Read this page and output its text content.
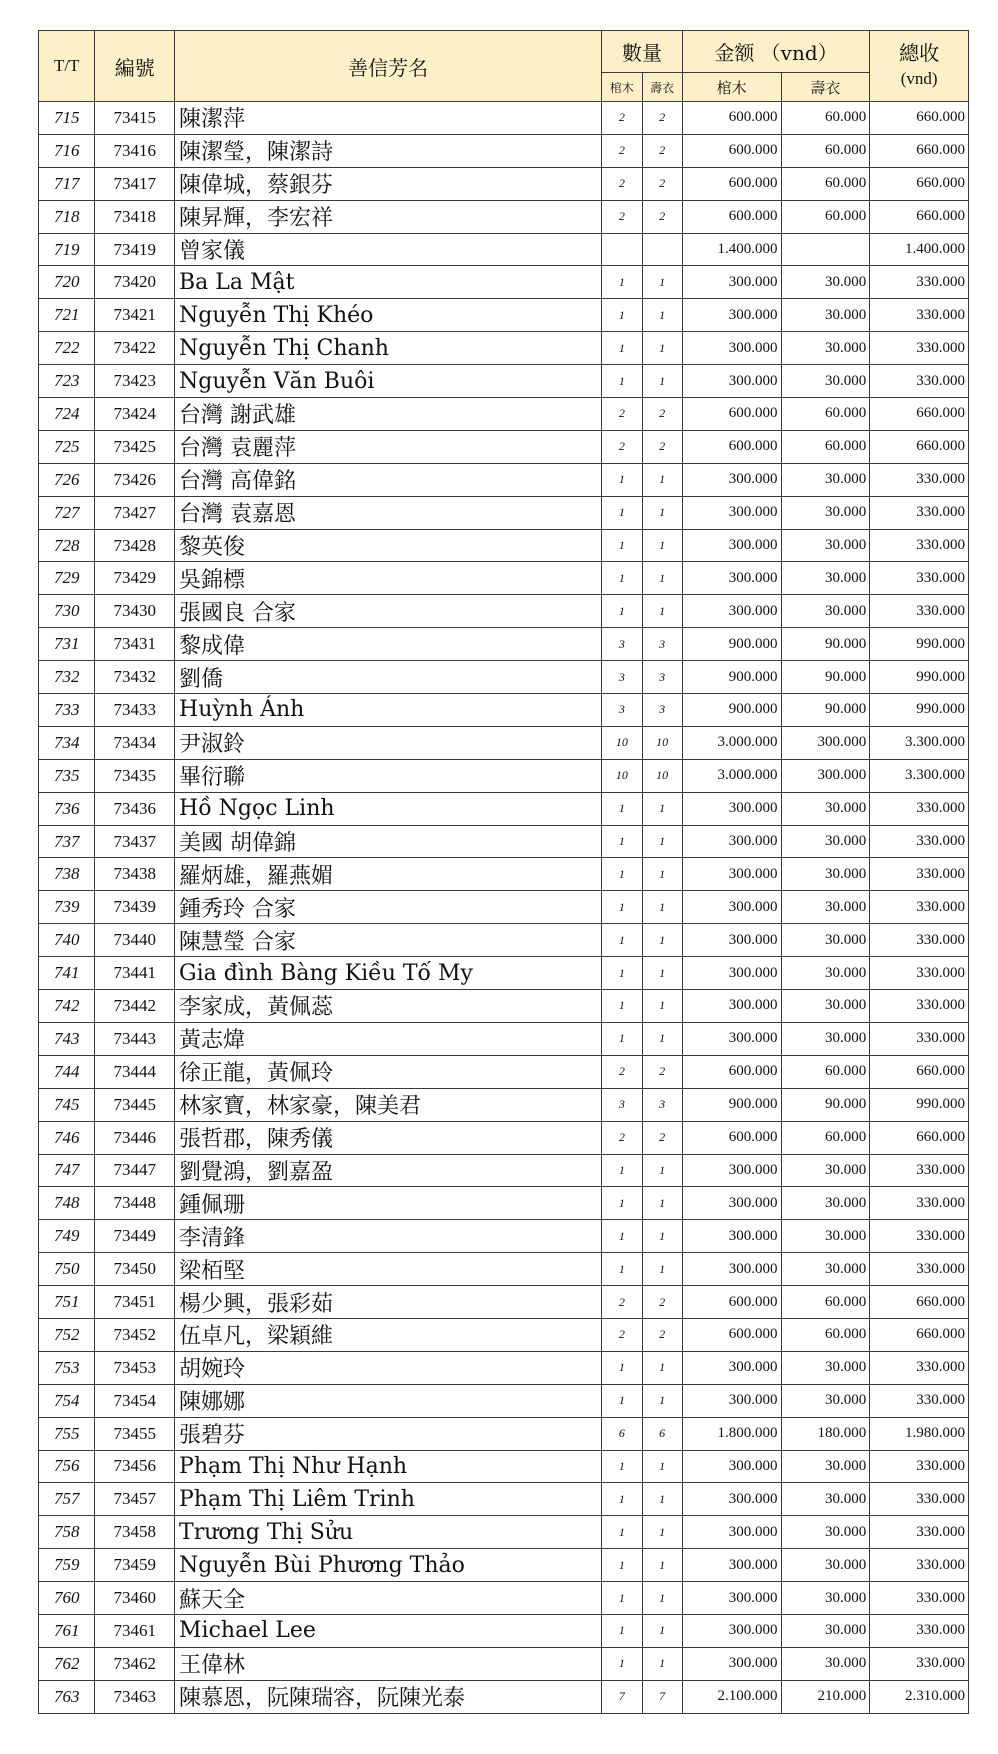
T/T	編號	善信芳名	數量		金额 （vnd）		總收
(vnd)

			棺木	壽衣	棺木	壽衣	
715	73415	陳潔萍	2	2	600.000	60.000	660.000
716	73416	陳潔瑩，陳潔詩	2	2	600.000	60.000	660.000
717	73417	陳偉城，蔡銀芬	2	2	600.000	60.000	660.000
718	73418	陳昇輝，李宏祥	2	2	600.000	60.000	660.000
719	73419	曾家儀			1.400.000		1.400.000
720	73420	Ba La Mật	1	1	300.000	30.000	330.000
721	73421	Nguyễn Thị Khéo	1	1	300.000	30.000	330.000
722	73422	Nguyễn Thị Chanh	1	1	300.000	30.000	330.000
723	73423	Nguyễn Văn Buôi	1	1	300.000	30.000	330.000
724	73424	台灣 謝武雄	2	2	600.000	60.000	660.000
725	73425	台灣 袁麗萍	2	2	600.000	60.000	660.000
726	73426	台灣 高偉銘	1	1	300.000	30.000	330.000
727	73427	台灣 袁嘉恩	1	1	300.000	30.000	330.000
728	73428	黎英俊	1	1	300.000	30.000	330.000
729	73429	吳錦標	1	1	300.000	30.000	330.000
730	73430	張國良 合家	1	1	300.000	30.000	330.000
731	73431	黎成偉	3	3	900.000	90.000	990.000
732	73432	劉僑	3	3	900.000	90.000	990.000
733	73433	Huỳnh Ánh	3	3	900.000	90.000	990.000
734	73434	尹淑鈴	10	10	3.000.000	300.000	3.300.000
735	73435	畢衍聯	10	10	3.000.000	300.000	3.300.000
736	73436	Hồ Ngọc Linh	1	1	300.000	30.000	330.000
737	73437	美國 胡偉錦	1	1	300.000	30.000	330.000
738	73438	羅炳雄，羅燕媚	1	1	300.000	30.000	330.000
739	73439	鍾秀玲 合家	1	1	300.000	30.000	330.000
740	73440	陳慧瑩 合家	1	1	300.000	30.000	330.000
741	73441	Gia đình Bàng Kiều Tố My	1	1	300.000	30.000	330.000
742	73442	李家成，黃佩蕊	1	1	300.000	30.000	330.000
743	73443	黃志煒	1	1	300.000	30.000	330.000
744	73444	徐正龍，黃佩玲	2	2	600.000	60.000	660.000
745	73445	林家寶，林家豪，陳美君	3	3	900.000	90.000	990.000
746	73446	張哲郡，陳秀儀	2	2	600.000	60.000	660.000
747	73447	劉覺鴻，劉嘉盈	1	1	300.000	30.000	330.000
748	73448	鍾佩珊	1	1	300.000	30.000	330.000
749	73449	李清鋒	1	1	300.000	30.000	330.000
750	73450	梁栢堅	1	1	300.000	30.000	330.000
751	73451	楊少興，張彩茹	2	2	600.000	60.000	660.000
752	73452	伍卓凡，梁穎維	2	2	600.000	60.000	660.000
753	73453	胡婉玲	1	1	300.000	30.000	330.000
754	73454	陳娜娜	1	1	300.000	30.000	330.000
755	73455	張碧芬	6	6	1.800.000	180.000	1.980.000
756	73456	Phạm Thị Như Hạnh	1	1	300.000	30.000	330.000
757	73457	Phạm Thị Liêm Trinh	1	1	300.000	30.000	330.000
758	73458	Trương Thị Sửu	1	1	300.000	30.000	330.000
759	73459	Nguyễn Bùi Phương Thảo	1	1	300.000	30.000	330.000
760	73460	蘇天全	1	1	300.000	30.000	330.000
761	73461	Michael Lee	1	1	300.000	30.000	330.000
762	73462	王偉林	1	1	300.000	30.000	330.000
763	73463	陳慕恩，阮陳瑞容，阮陳光泰	7	7	2.100.000	210.000	2.310.000
